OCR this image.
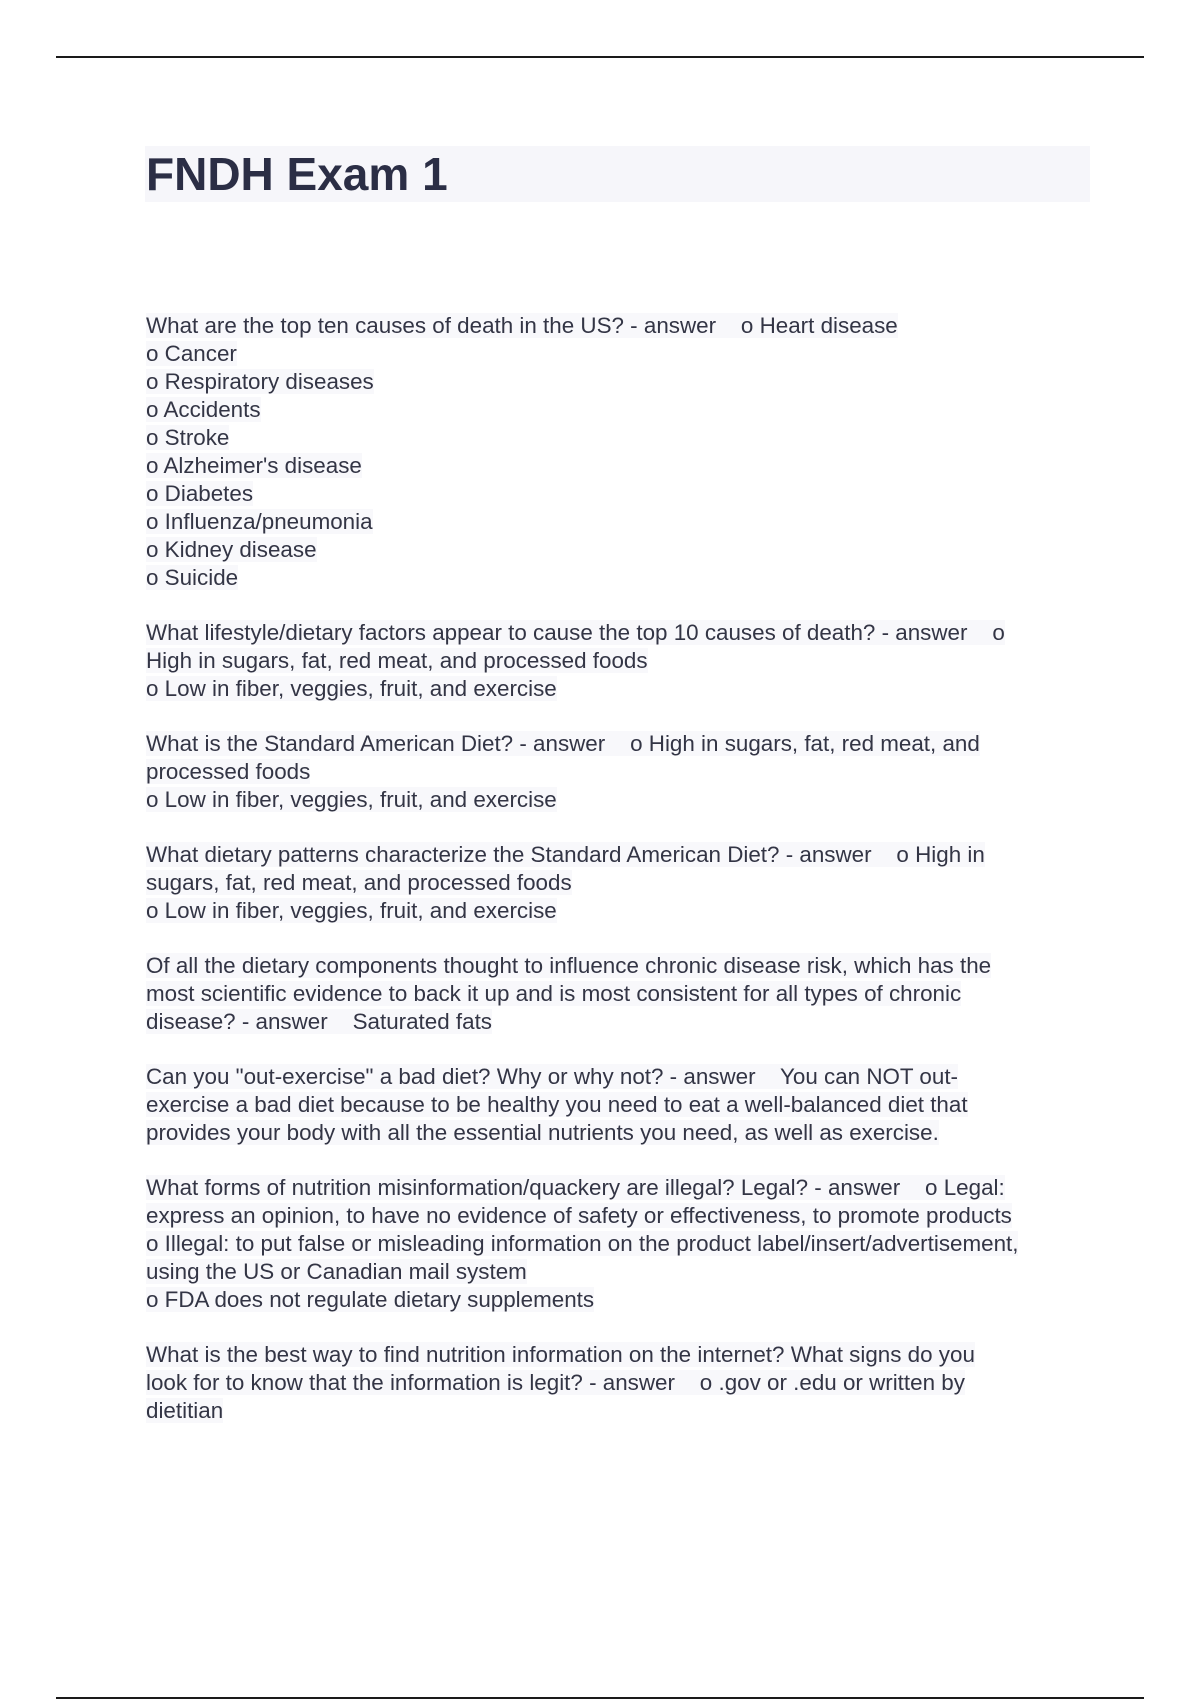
FNDH Exam 1
What are the top ten causes of death in the US? - answer    o Heart disease
o Cancer
o Respiratory diseases
o Accidents
o Stroke
o Alzheimer's disease
o Diabetes
o Influenza/pneumonia
o Kidney disease
o Suicide
What lifestyle/dietary factors appear to cause the top 10 causes of death? - answer    o
High in sugars, fat, red meat, and processed foods
o Low in fiber, veggies, fruit, and exercise
What is the Standard American Diet? - answer    o High in sugars, fat, red meat, and
processed foods
o Low in fiber, veggies, fruit, and exercise
What dietary patterns characterize the Standard American Diet? - answer    o High in
sugars, fat, red meat, and processed foods
o Low in fiber, veggies, fruit, and exercise
Of all the dietary components thought to influence chronic disease risk, which has the
most scientific evidence to back it up and is most consistent for all types of chronic
disease? - answer    Saturated fats
Can you "out-exercise" a bad diet? Why or why not? - answer    You can NOT out-
exercise a bad diet because to be healthy you need to eat a well-balanced diet that
provides your body with all the essential nutrients you need, as well as exercise.
What forms of nutrition misinformation/quackery are illegal? Legal? - answer    o Legal:
express an opinion, to have no evidence of safety or effectiveness, to promote products
o Illegal: to put false or misleading information on the product label/insert/advertisement,
using the US or Canadian mail system
o FDA does not regulate dietary supplements
What is the best way to find nutrition information on the internet? What signs do you
look for to know that the information is legit? - answer    o .gov or .edu or written by
dietitian
